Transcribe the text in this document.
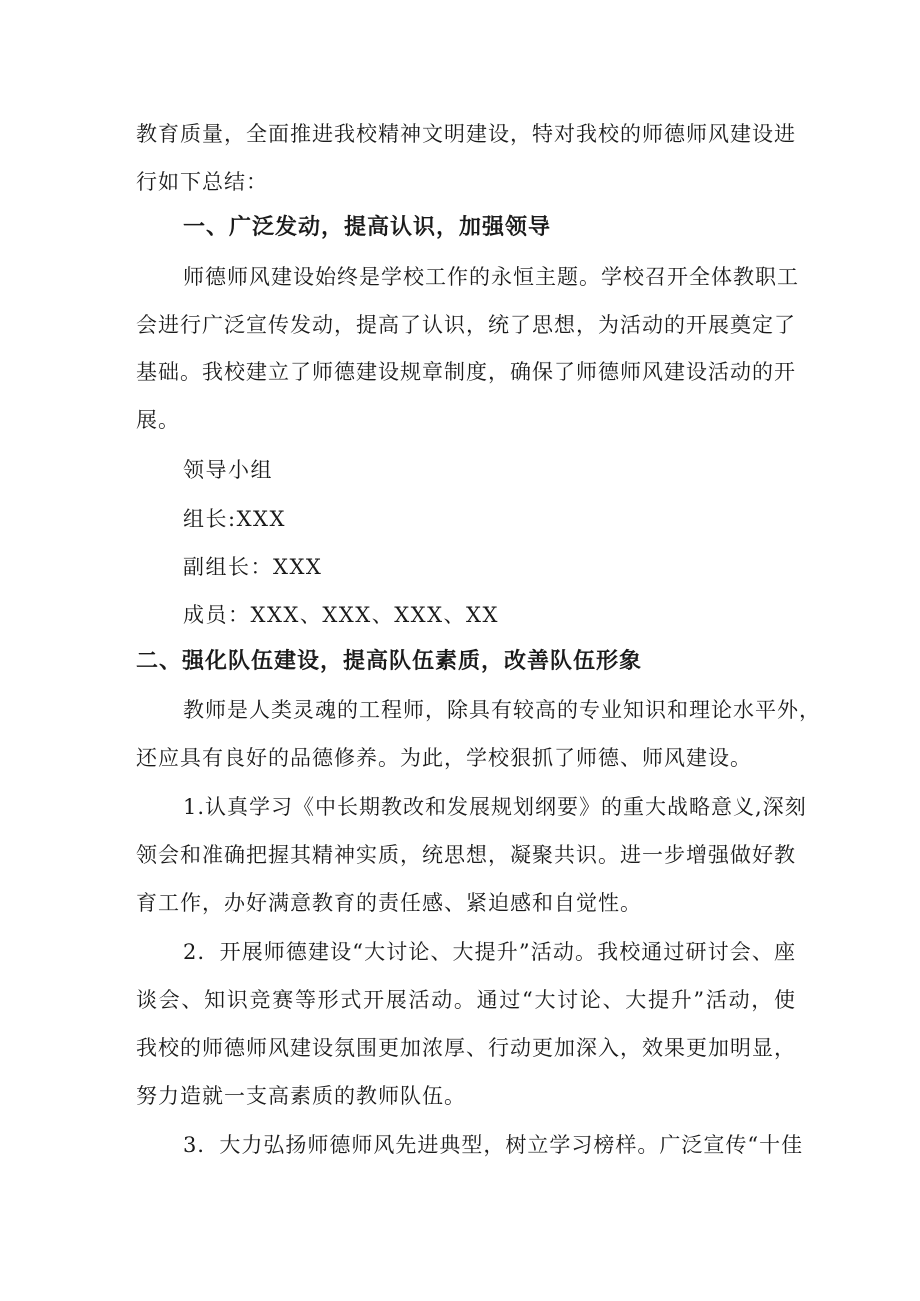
教育质量，全面推进我校精神文明建设，特对我校的师德师风建设进
行如下总结：
一、广泛发动，提高认识，加强领导
师德师风建设始终是学校工作的永恒主题。学校召开全体教职工
会进行广泛宣传发动，提高了认识，统了思想，为活动的开展奠定了
基础。我校建立了师德建设规章制度，确保了师德师风建设活动的开
展。
领导小组
组长:XXX
副组长：XXX
成员：XXX、XXX、XXX、XX
二、强化队伍建设，提高队伍素质，改善队伍形象
教师是人类灵魂的工程师，除具有较高的专业知识和理论水平外，
还应具有良好的品德修养。为此，学校狠抓了师德、师风建设。
1.认真学习《中长期教改和发展规划纲要》的重大战略意义,深刻
领会和准确把握其精神实质，统思想，凝聚共识。进一步增强做好教
育工作，办好满意教育的责任感、紧迫感和自觉性。
2．开展师德建设“大讨论、大提升”活动。我校通过研讨会、座
谈会、知识竞赛等形式开展活动。通过“大讨论、大提升”活动，使
我校的师德师风建设氛围更加浓厚、行动更加深入，效果更加明显，
努力造就一支高素质的教师队伍。
3．大力弘扬师德师风先进典型，树立学习榜样。广泛宣传“十佳
